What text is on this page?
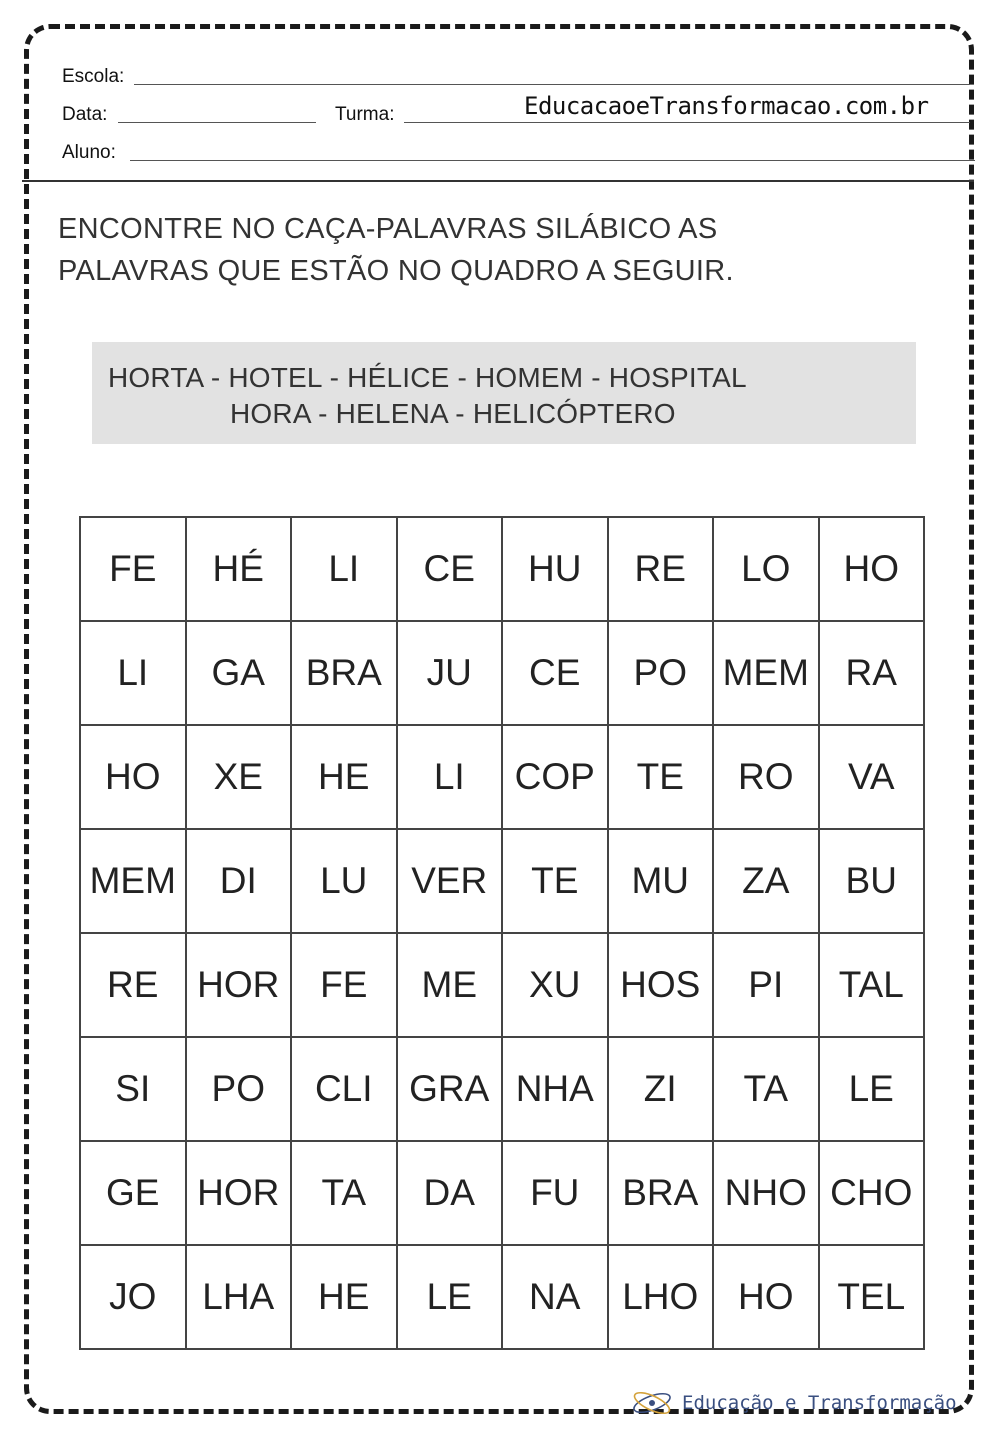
Escola:
Data:	Turma:	EducacaoeTransformacao.com.br
Aluno:
ENCONTRE NO CAÇA-PALAVRAS SILÁBICO AS
PALAVRAS QUE ESTÃO NO QUADRO A SEGUIR.
HORTA - HOTEL - HÉLICE - HOMEM - HOSPITAL
HORA - HELENA - HELICÓPTERO
FE	HÉ	LI	CE	HU	RE	LO	HO
LI	GA	BRA	JU	CE	PO	MEM	RA
HO	XE	HE	LI	COP	TE	RO	VA
MEM	DI	LU	VER	TE	MU	ZA	BU
RE	HOR	FE	ME	XU	HOS	PI	TAL
SI	PO	CLI	GRA	NHA	ZI	TA	LE
GE	HOR	TA	DA	FU	BRA	NHO	CHO
JO	LHA	HE	LE	NA	LHO	HO	TEL
Educação e Transformação
